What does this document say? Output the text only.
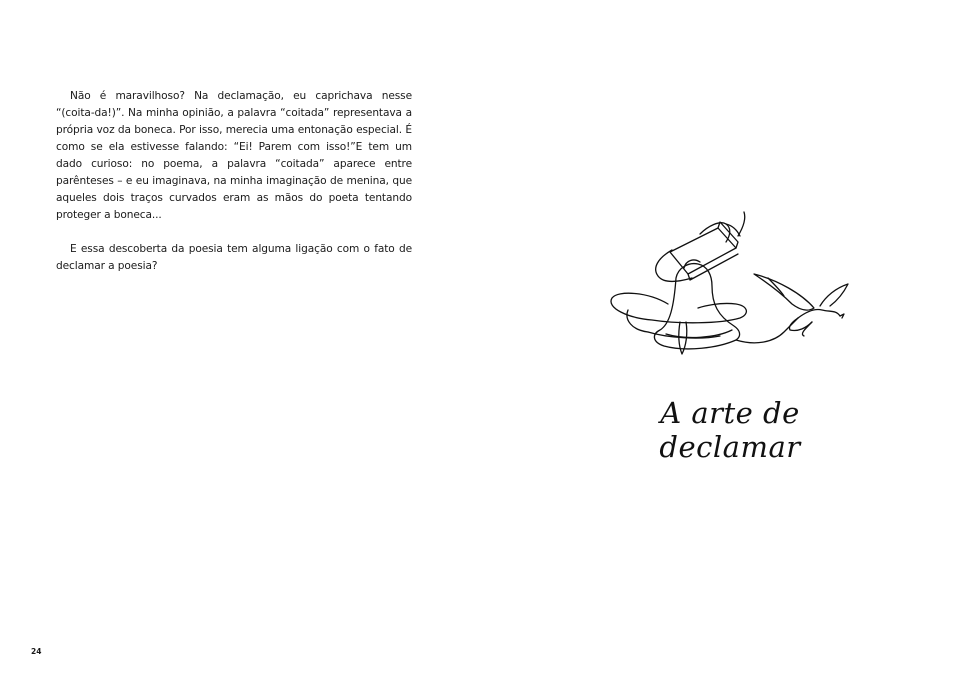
Não é maravilhoso? Na declamação, eu caprichava nesse “(coita-da!)”. Na minha opinião, a palavra “coitada” representava a própria voz da boneca. Por isso, merecia uma entonação especial. É como se ela estivesse falando: “Ei! Parem com isso!”E tem um dado curioso: no poema, a palavra “coitada” aparece entre parênteses – e eu imaginava, na minha imaginação de menina, que aqueles dois traços curvados eram as mãos do poeta tentando proteger a boneca...

E essa descoberta da poesia tem alguma ligação com o fato de declamar a poesia?

24
A arte de declamar
